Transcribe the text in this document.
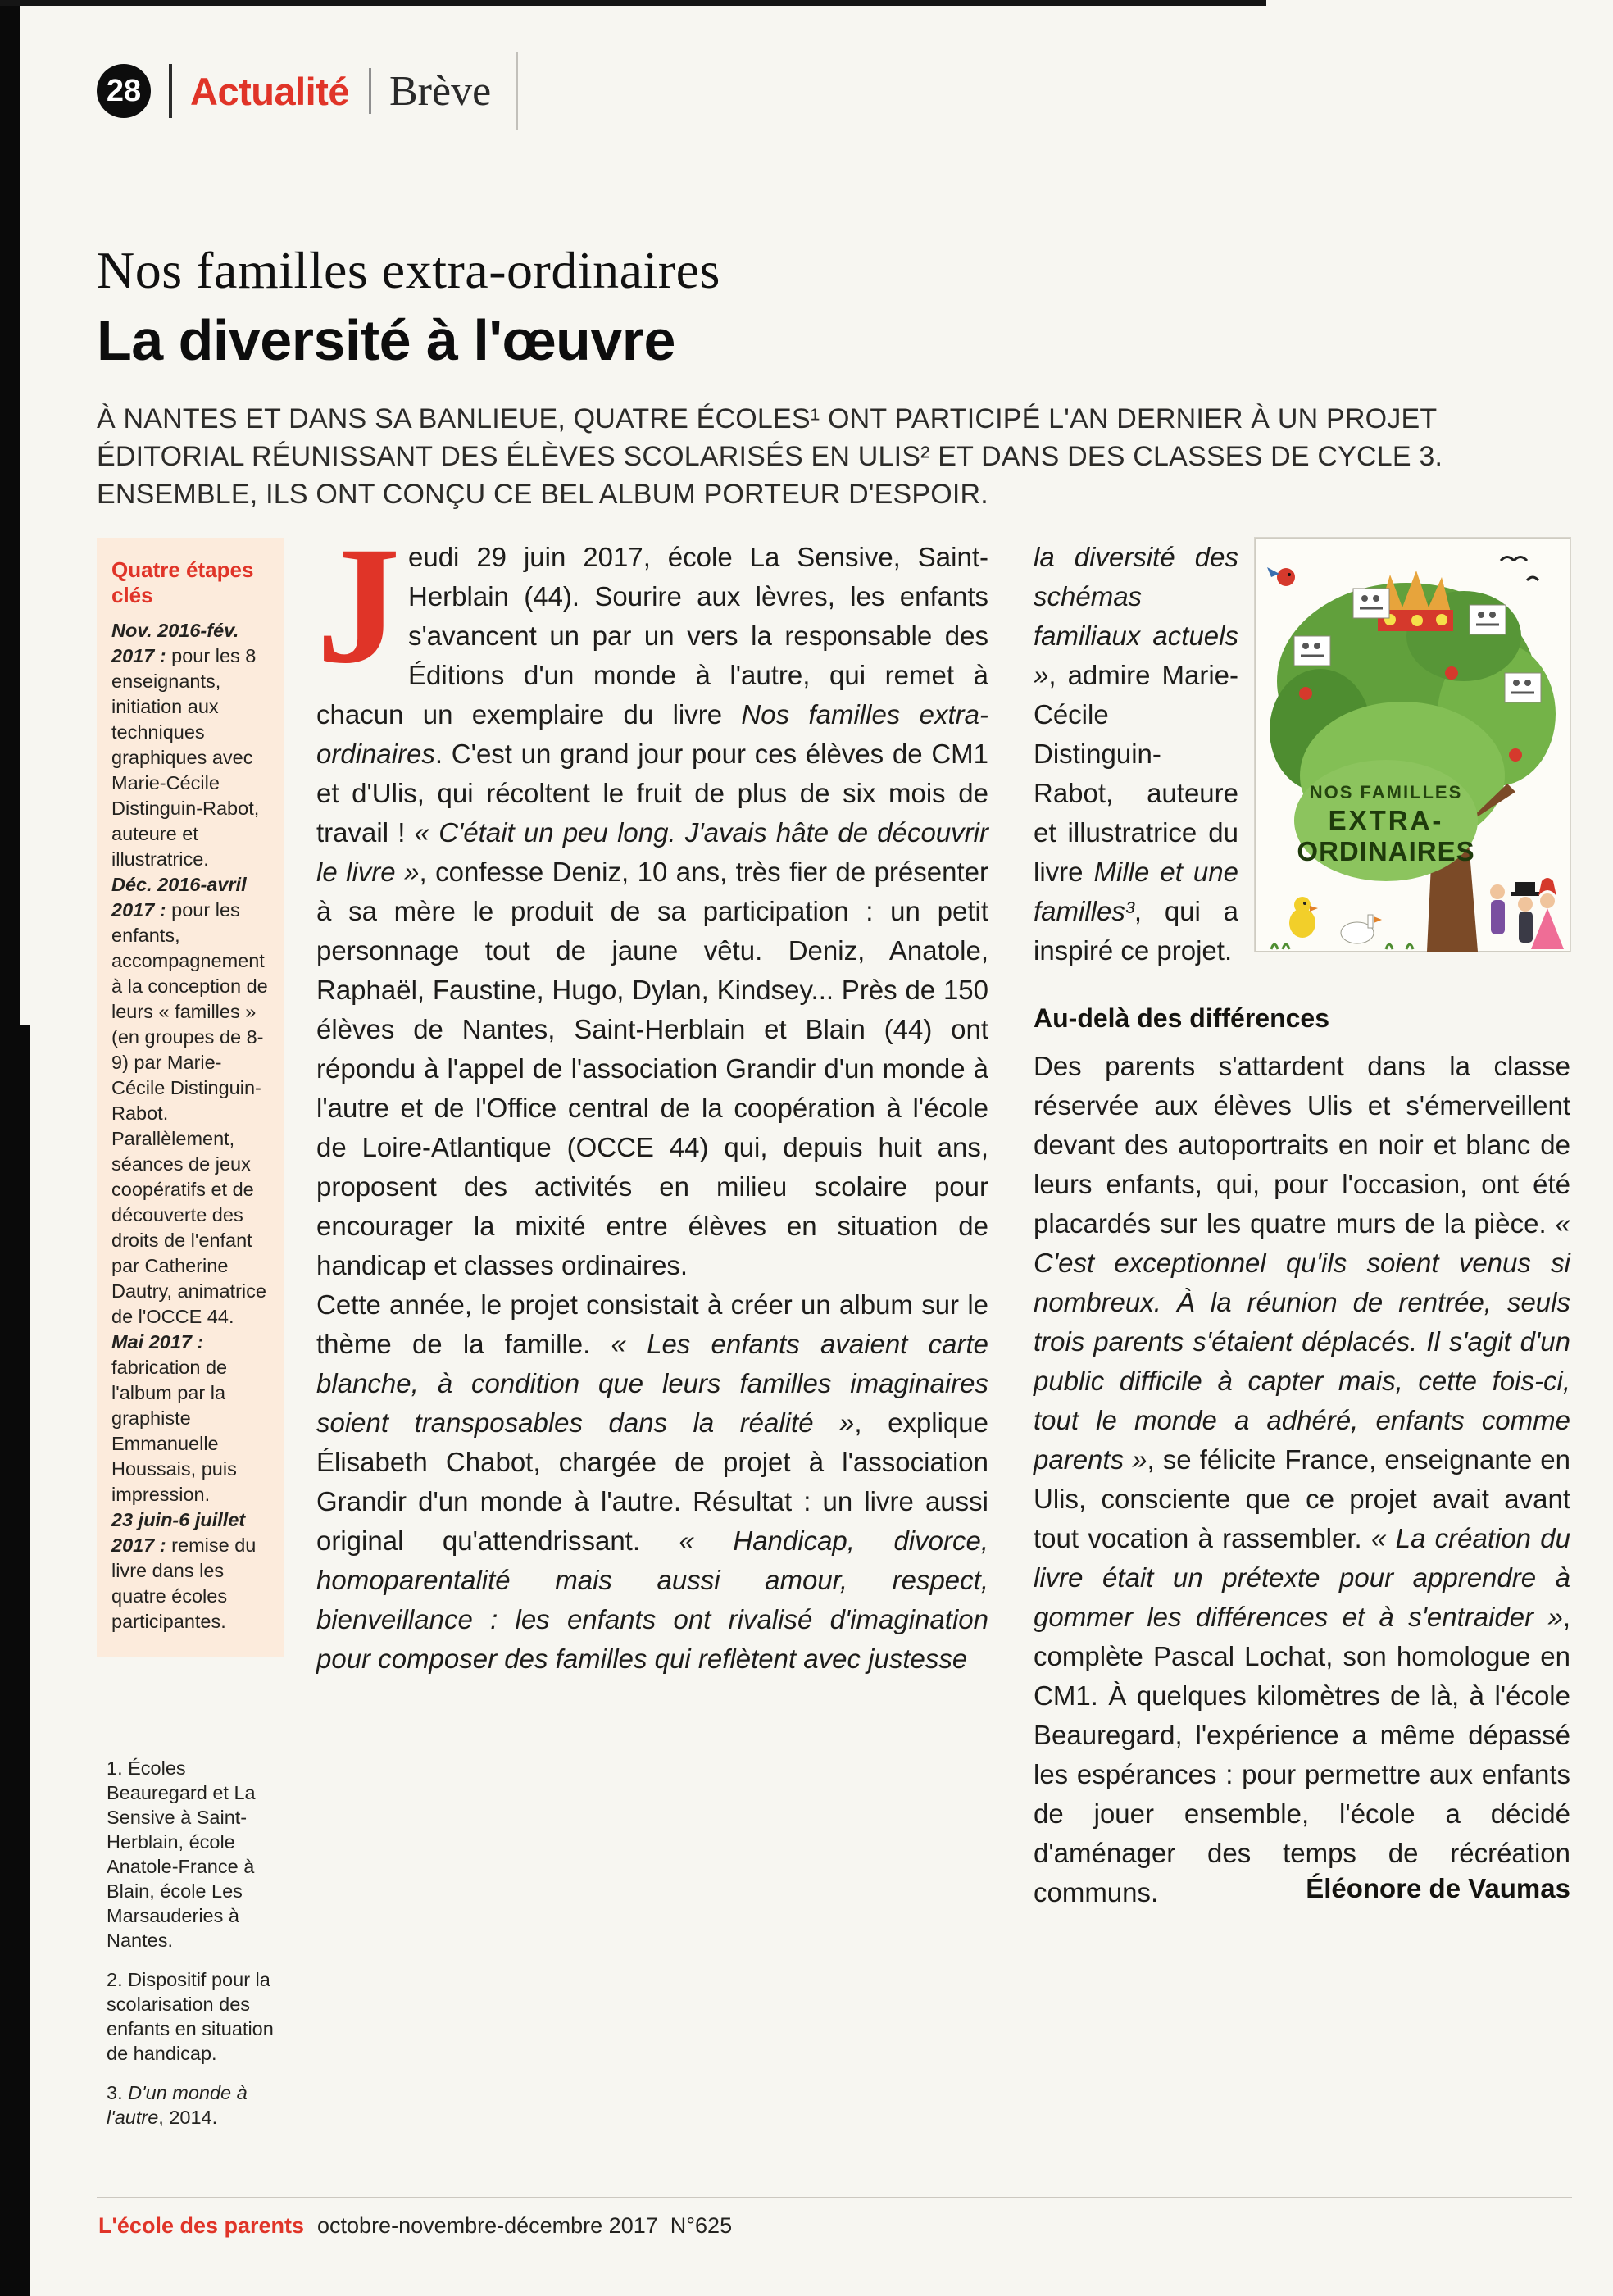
28 Actualité Brève
Nos familles extra-ordinaires
La diversité à l'œuvre
À NANTES ET DANS SA BANLIEUE, QUATRE ÉCOLES¹ ONT PARTICIPÉ L'AN DERNIER À UN PROJET ÉDITORIAL RÉUNISSANT DES ÉLÈVES SCOLARISÉS EN ULIS² ET DANS DES CLASSES DE CYCLE 3. ENSEMBLE, ILS ONT CONÇU CE BEL ALBUM PORTEUR D'ESPOIR.
Quatre étapes clés
Nov. 2016-fév. 2017 : pour les 8 enseignants, initiation aux techniques graphiques avec Marie-Cécile Distinguin-Rabot, auteure et illustratrice.
Déc. 2016-avril 2017 : pour les enfants, accompagnement à la conception de leurs « familles » (en groupes de 8-9) par Marie-Cécile Distinguin-Rabot. Parallèlement, séances de jeux coopératifs et de découverte des droits de l'enfant par Catherine Dautry, animatrice de l'OCCE 44.
Mai 2017 : fabrication de l'album par la graphiste Emmanuelle Houssais, puis impression.
23 juin-6 juillet 2017 : remise du livre dans les quatre écoles participantes.
1. Écoles Beauregard et La Sensive à Saint-Herblain, école Anatole-France à Blain, école Les Marsauderies à Nantes.
2. Dispositif pour la scolarisation des enfants en situation de handicap.
3. D'un monde à l'autre, 2014.

Jeudi 29 juin 2017, école La Sensive, Saint-Herblain (44). Sourire aux lèvres, les enfants s'avancent un par un vers la responsable des Éditions d'un monde à l'autre, qui remet à chacun un exemplaire du livre Nos familles extra-ordinaires. C'est un grand jour pour ces élèves de CM1 et d'Ulis, qui récoltent le fruit de plus de six mois de travail ! « C'était un peu long. J'avais hâte de découvrir le livre », confesse Deniz, 10 ans, très fier de présenter à sa mère le produit de sa participation : un petit personnage tout de jaune vêtu. Deniz, Anatole, Raphaël, Faustine, Hugo, Dylan, Kindsey... Près de 150 élèves de Nantes, Saint-Herblain et Blain (44) ont répondu à l'appel de l'association Grandir d'un monde à l'autre et de l'Office central de la coopération à l'école de Loire-Atlantique (OCCE 44) qui, depuis huit ans, proposent des activités en milieu scolaire pour encourager la mixité entre élèves en situation de handicap et classes ordinaires.

Cette année, le projet consistait à créer un album sur le thème de la famille. « Les enfants avaient carte blanche, à condition que leurs familles imaginaires soient transposables dans la réalité », explique Élisabeth Chabot, chargée de projet à l'association Grandir d'un monde à l'autre. Résultat : un livre aussi original qu'attendrissant. « Handicap, divorce, homoparentalité mais aussi amour, respect, bienveillance : les enfants ont rivalisé d'imagination pour composer des familles qui reflètent avec justesse

la diversité des schémas familiaux actuels », admire Marie-Cécile Distinguin-Rabot, auteure et illustratrice du livre Mille et une familles³, qui a inspiré ce projet.
NOS FAMILLES
EXTRA-
ORDINAIRES
Au-delà des différences

Des parents s'attardent dans la classe réservée aux élèves Ulis et s'émerveillent devant des autoportraits en noir et blanc de leurs enfants, qui, pour l'occasion, ont été placardés sur les quatre murs de la pièce. « C'est exceptionnel qu'ils soient venus si nombreux. À la réunion de rentrée, seuls trois parents s'étaient déplacés. Il s'agit d'un public difficile à capter mais, cette fois-ci, tout le monde a adhéré, enfants comme parents », se félicite France, enseignante en Ulis, consciente que ce projet avait avant tout vocation à rassembler. « La création du livre était un prétexte pour apprendre à gommer les différences et à s'entraider », complète Pascal Lochat, son homologue en CM1. À quelques kilomètres de là, à l'école Beauregard, l'expérience a même dépassé les espérances : pour permettre aux enfants de jouer ensemble, l'école a décidé d'aménager des temps de récréation communs.	Éléonore de Vaumas
L'école des parents octobre-novembre-décembre 2017  N°625
